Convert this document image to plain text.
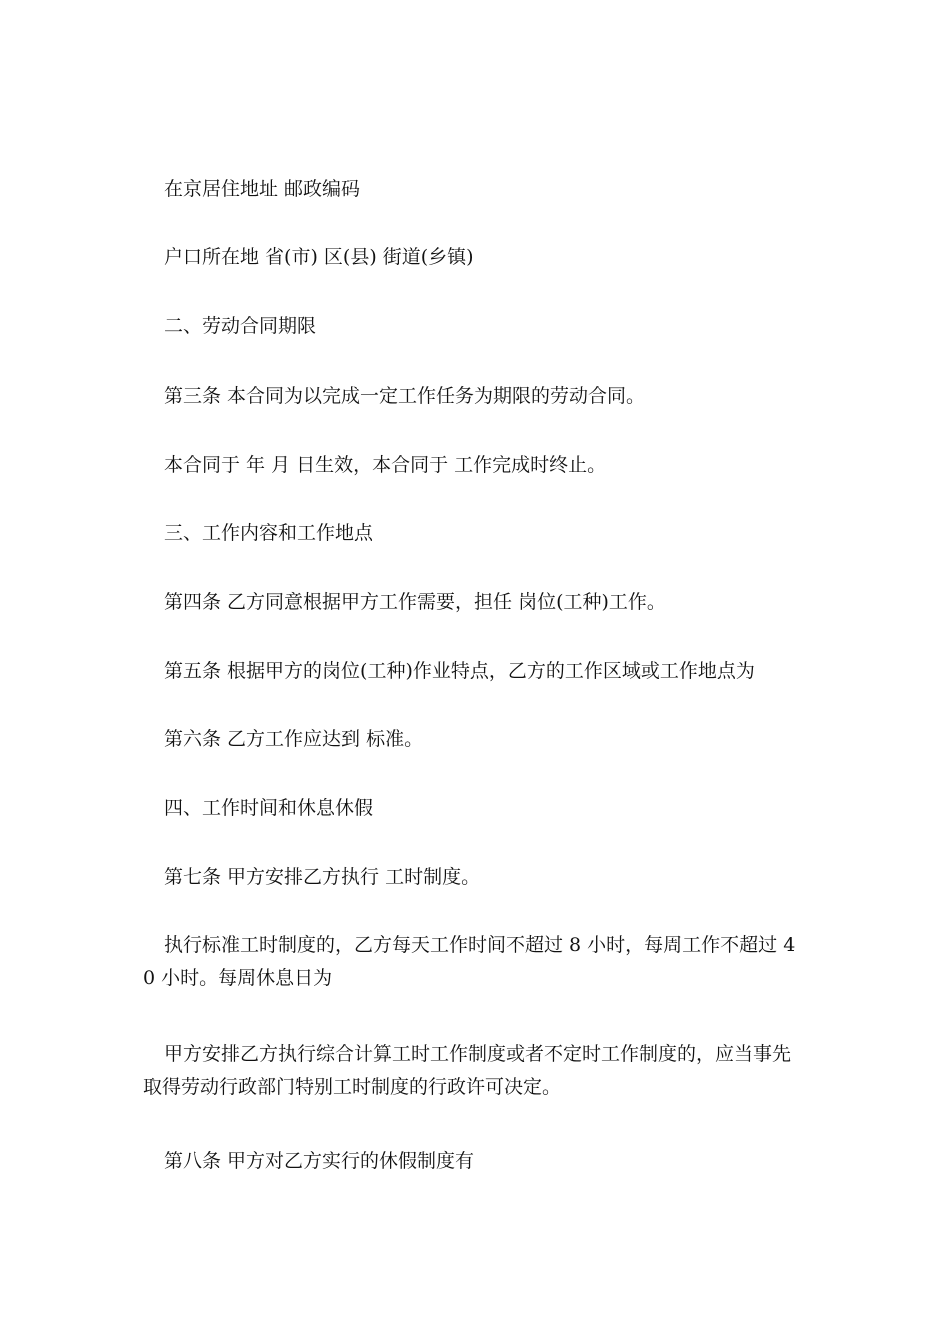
在京居住地址 邮政编码

户口所在地 省(市) 区(县) 街道(乡镇)

二、劳动合同期限

第三条 本合同为以完成一定工作任务为期限的劳动合同。

本合同于 年 月 日生效，本合同于 工作完成时终止。

三、工作内容和工作地点

第四条 乙方同意根据甲方工作需要，担任 岗位(工种)工作。

第五条 根据甲方的岗位(工种)作业特点，乙方的工作区域或工作地点为

第六条 乙方工作应达到 标准。

四、工作时间和休息休假

第七条 甲方安排乙方执行 工时制度。

执行标准工时制度的，乙方每天工作时间不超过 8 小时，每周工作不超过 40 小时。每周休息日为

甲方安排乙方执行综合计算工时工作制度或者不定时工作制度的，应当事先取得劳动行政部门特别工时制度的行政许可决定。

第八条 甲方对乙方实行的休假制度有
